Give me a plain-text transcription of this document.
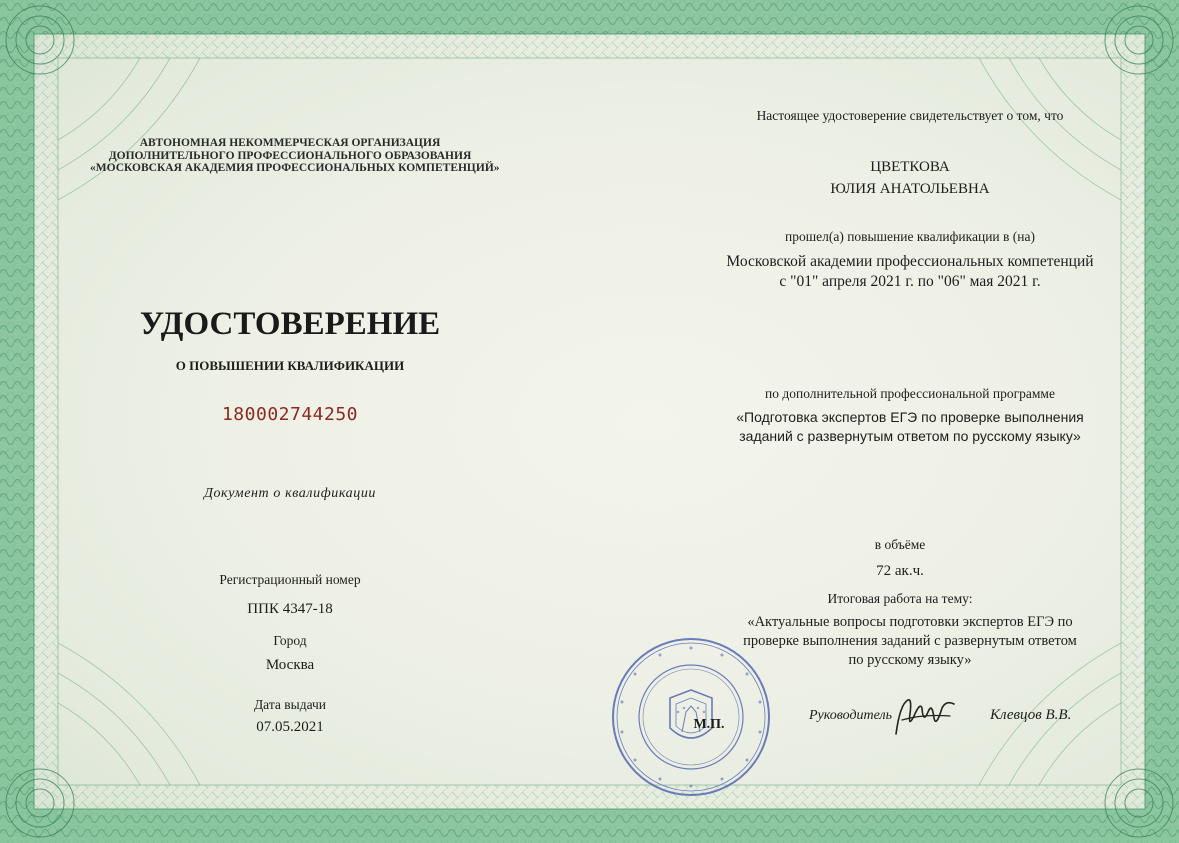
АВТОНОМНАЯ НЕКОММЕРЧЕСКАЯ ОРГАНИЗАЦИЯ
ДОПОЛНИТЕЛЬНОГО ПРОФЕССИОНАЛЬНОГО ОБРАЗОВАНИЯ
«МОСКОВСКАЯ АКАДЕМИЯ ПРОФЕССИОНАЛЬНЫХ КОМПЕТЕНЦИЙ»
УДОСТОВЕРЕНИЕ
О ПОВЫШЕНИИ КВАЛИФИКАЦИИ
180002744250
Документ о квалификации
Регистрационный номер
ППК 4347-18
Город
Москва
Дата выдачи
07.05.2021
Настоящее удостоверение свидетельствует о том, что
ЦВЕТКОВА
ЮЛИЯ АНАТОЛЬЕВНА
прошел(а) повышение квалификации в (на)
Московской академии профессиональных компетенций
с "01" апреля 2021 г. по "06" мая 2021 г.
по дополнительной профессиональной программе
«Подготовка экспертов ЕГЭ по проверке выполнения
заданий с развернутым ответом по русскому языку»
в объёме
72 ак.ч.
Итоговая работа на тему:
«Актуальные вопросы подготовки экспертов ЕГЭ по
проверке выполнения заданий с развернутым ответом
по русскому языку»
М.П.
Руководитель	Клевцов В.В.
